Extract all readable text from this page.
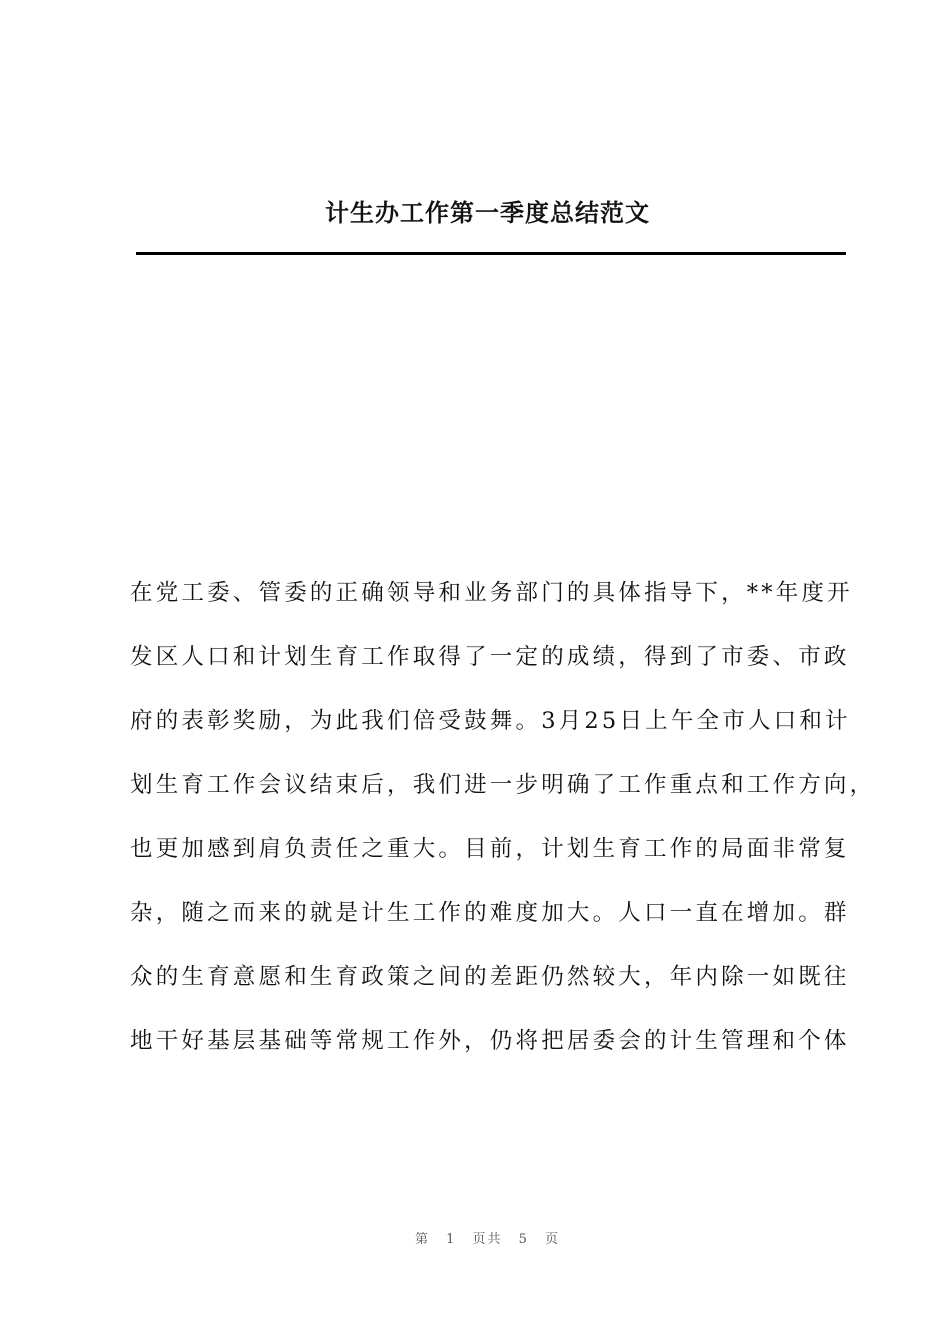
计生办工作第一季度总结范文
在党工委、管委的正确领导和业务部门的具体指导下，**年度开
发区人口和计划生育工作取得了一定的成绩，得到了市委、市政
府的表彰奖励，为此我们倍受鼓舞。3月25日上午全市人口和计
划生育工作会议结束后，我们进一步明确了工作重点和工作方向，
也更加感到肩负责任之重大。目前，计划生育工作的局面非常复
杂，随之而来的就是计生工作的难度加大。人口一直在增加。群
众的生育意愿和生育政策之间的差距仍然较大，年内除一如既往
地干好基层基础等常规工作外，仍将把居委会的计生管理和个体
第 1 页共 5 页
